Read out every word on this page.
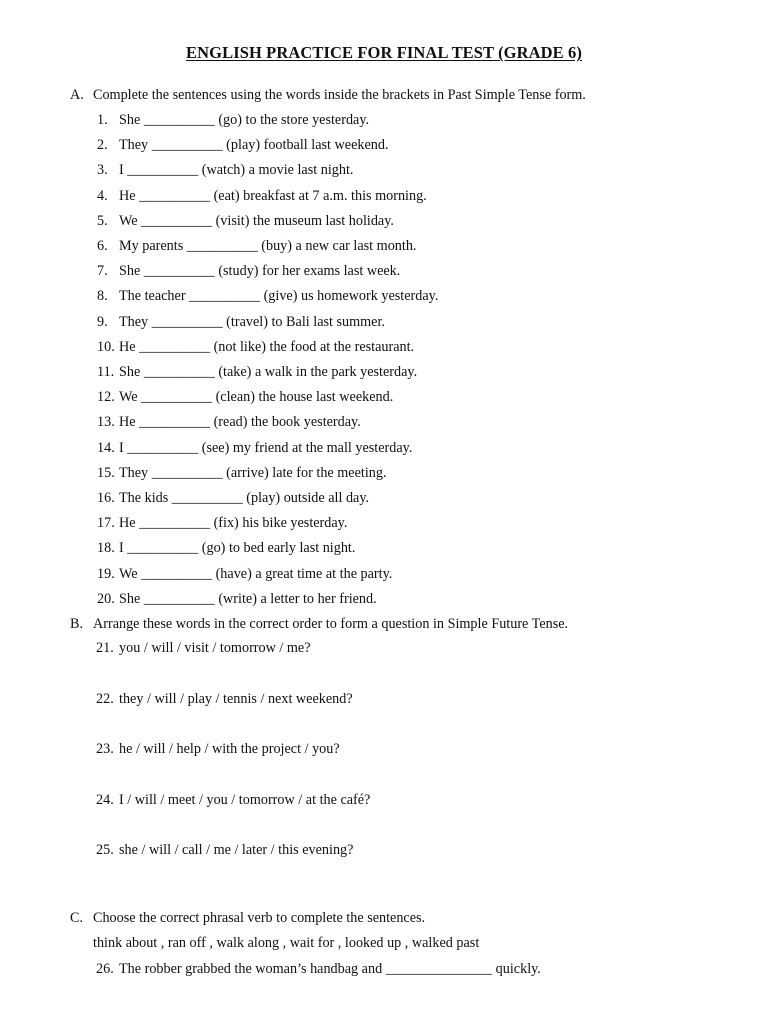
ENGLISH PRACTICE FOR FINAL TEST (GRADE 6)
A. Complete the sentences using the words inside the brackets in Past Simple Tense form.
1. She __________ (go) to the store yesterday.
2. They __________ (play) football last weekend.
3. I __________ (watch) a movie last night.
4. He __________ (eat) breakfast at 7 a.m. this morning.
5. We __________ (visit) the museum last holiday.
6. My parents __________ (buy) a new car last month.
7. She __________ (study) for her exams last week.
8. The teacher __________ (give) us homework yesterday.
9. They __________ (travel) to Bali last summer.
10. He __________ (not like) the food at the restaurant.
11. She __________ (take) a walk in the park yesterday.
12. We __________ (clean) the house last weekend.
13. He __________ (read) the book yesterday.
14. I __________ (see) my friend at the mall yesterday.
15. They __________ (arrive) late for the meeting.
16. The kids __________ (play) outside all day.
17. He __________ (fix) his bike yesterday.
18. I __________ (go) to bed early last night.
19. We __________ (have) a great time at the party.
20. She __________ (write) a letter to her friend.
B. Arrange these words in the correct order to form a question in Simple Future Tense.
21. you / will / visit / tomorrow / me?
22. they / will / play / tennis / next weekend?
23. he / will / help / with the project / you?
24. I / will / meet / you / tomorrow / at the café?
25. she / will / call / me / later / this evening?
C. Choose the correct phrasal verb to complete the sentences.
think about , ran off , walk along , wait for , looked up , walked past
26. The robber grabbed the woman’s handbag and _______________ quickly.
